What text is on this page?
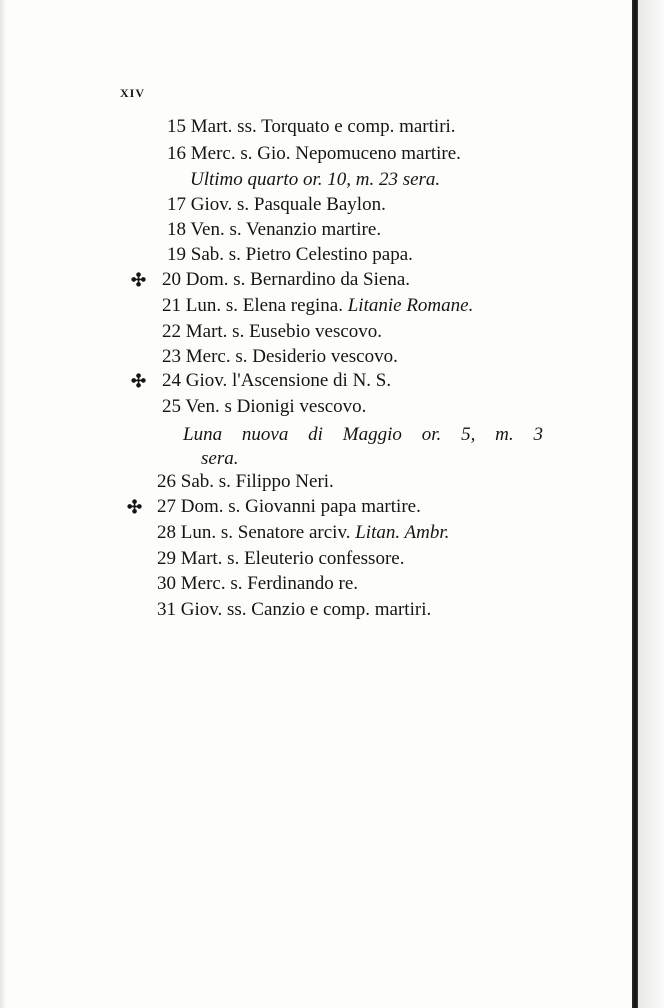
xiv
15 Mart. ss. Torquato e comp. martiri.
16 Merc. s. Gio. Nepomuceno martire.
Ultimo quarto or. 10, m. 23 sera.
17 Giov. s. Pasquale Baylon.
18 Ven. s. Venanzio martire.
19 Sab. s. Pietro Celestino papa.
✣ 20 Dom. s. Bernardino da Siena.
21 Lun. s. Elena regina. Litanie Romane.
22 Mart. s. Eusebio vescovo.
23 Merc. s. Desiderio vescovo.
✣ 24 Giov. l'Ascensione di N. S.
25 Ven. s Dionigi vescovo.
Luna nuova di Maggio or. 5, m. 3
sera.
26 Sab. s. Filippo Neri.
✣ 27 Dom. s. Giovanni papa martire.
28 Lun. s. Senatore arciv. Litan. Ambr.
29 Mart. s. Eleuterio confessore.
30 Merc. s. Ferdinando re.
31 Giov. ss. Canzio e comp. martiri.
